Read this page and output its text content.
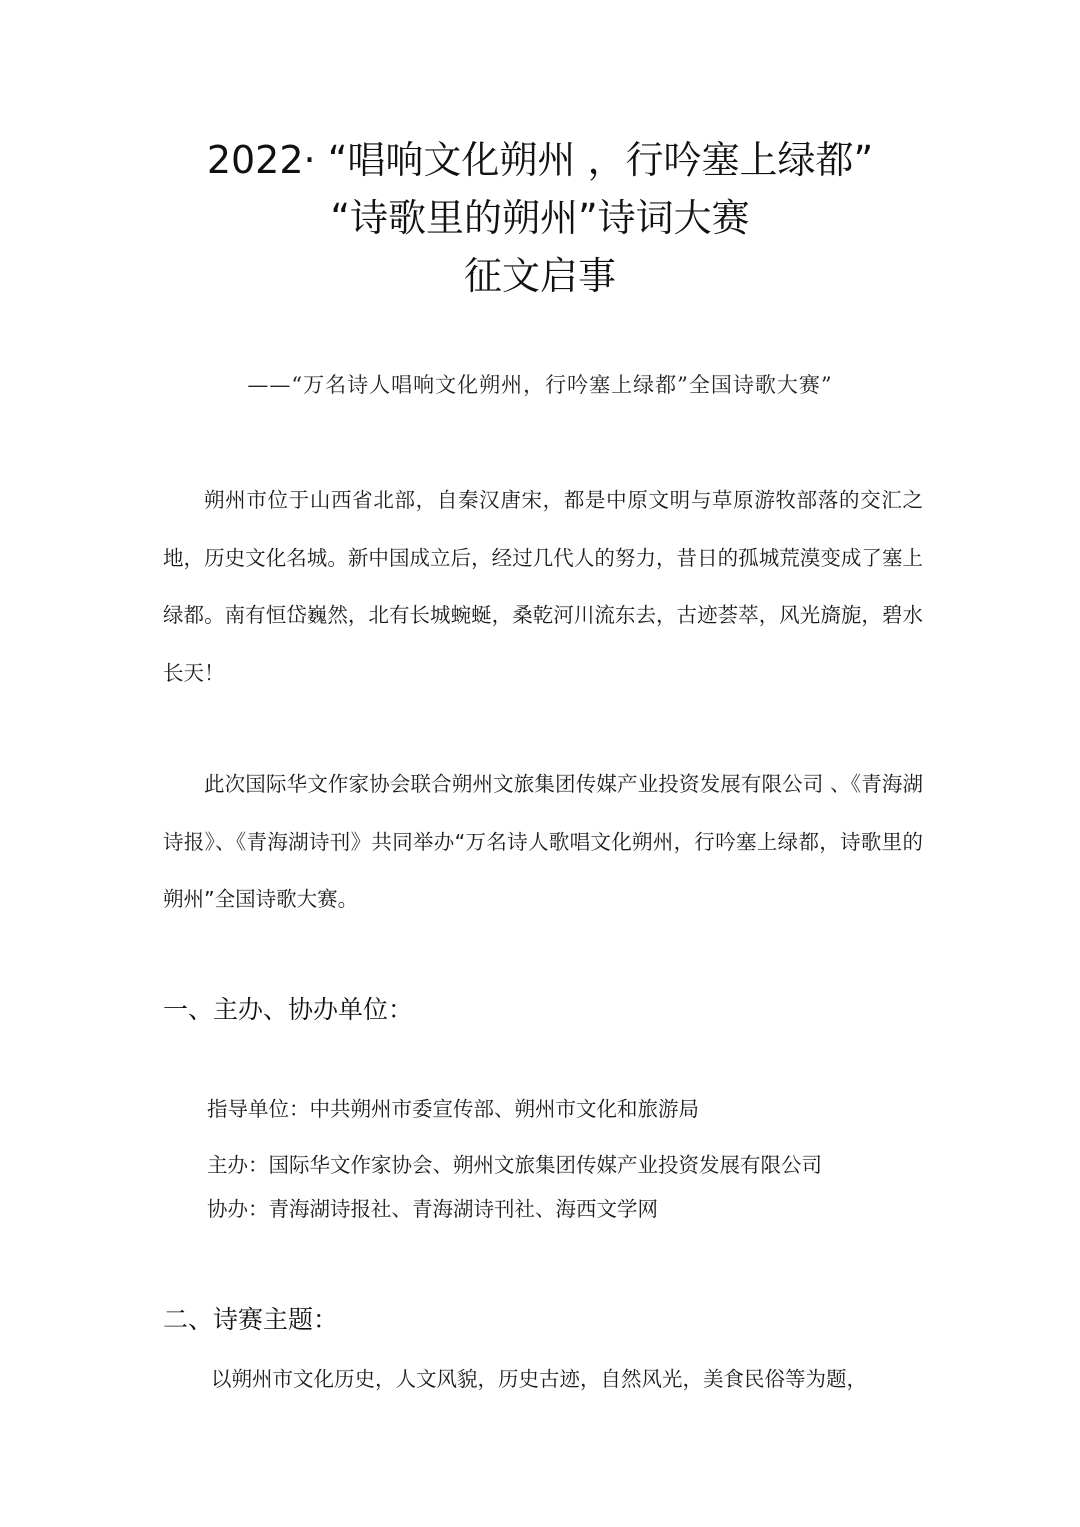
2022· “唱响文化朔州 ，行吟塞上绿都”
“诗歌里的朔州”诗词大赛
征文启事
——“万名诗人唱响文化朔州，行吟塞上绿都”全国诗歌大赛”

朔州市位于山西省北部，自秦汉唐宋，都是中原文明与草原游牧部落的交汇之地，历史文化名城。新中国成立后，经过几代人的努力，昔日的孤城荒漠变成了塞上绿都。南有恒岱巍然，北有长城蜿蜒，桑乾河川流东去，古迹荟萃，风光旖旎，碧水长天！

此次国际华文作家协会联合朔州文旅集团传媒产业投资发展有限公司 、《青海湖诗报》、《青海湖诗刊》共同举办“万名诗人歌唱文化朔州，行吟塞上绿都，诗歌里的朔州”全国诗歌大赛。

一、主办、协办单位：
指导单位：中共朔州市委宣传部、朔州市文化和旅游局
主办：国际华文作家协会、朔州文旅集团传媒产业投资发展有限公司
协办：青海湖诗报社、青海湖诗刊社、海西文学网
二、诗赛主题：
以朔州市文化历史，人文风貌，历史古迹，自然风光，美食民俗等为题，
